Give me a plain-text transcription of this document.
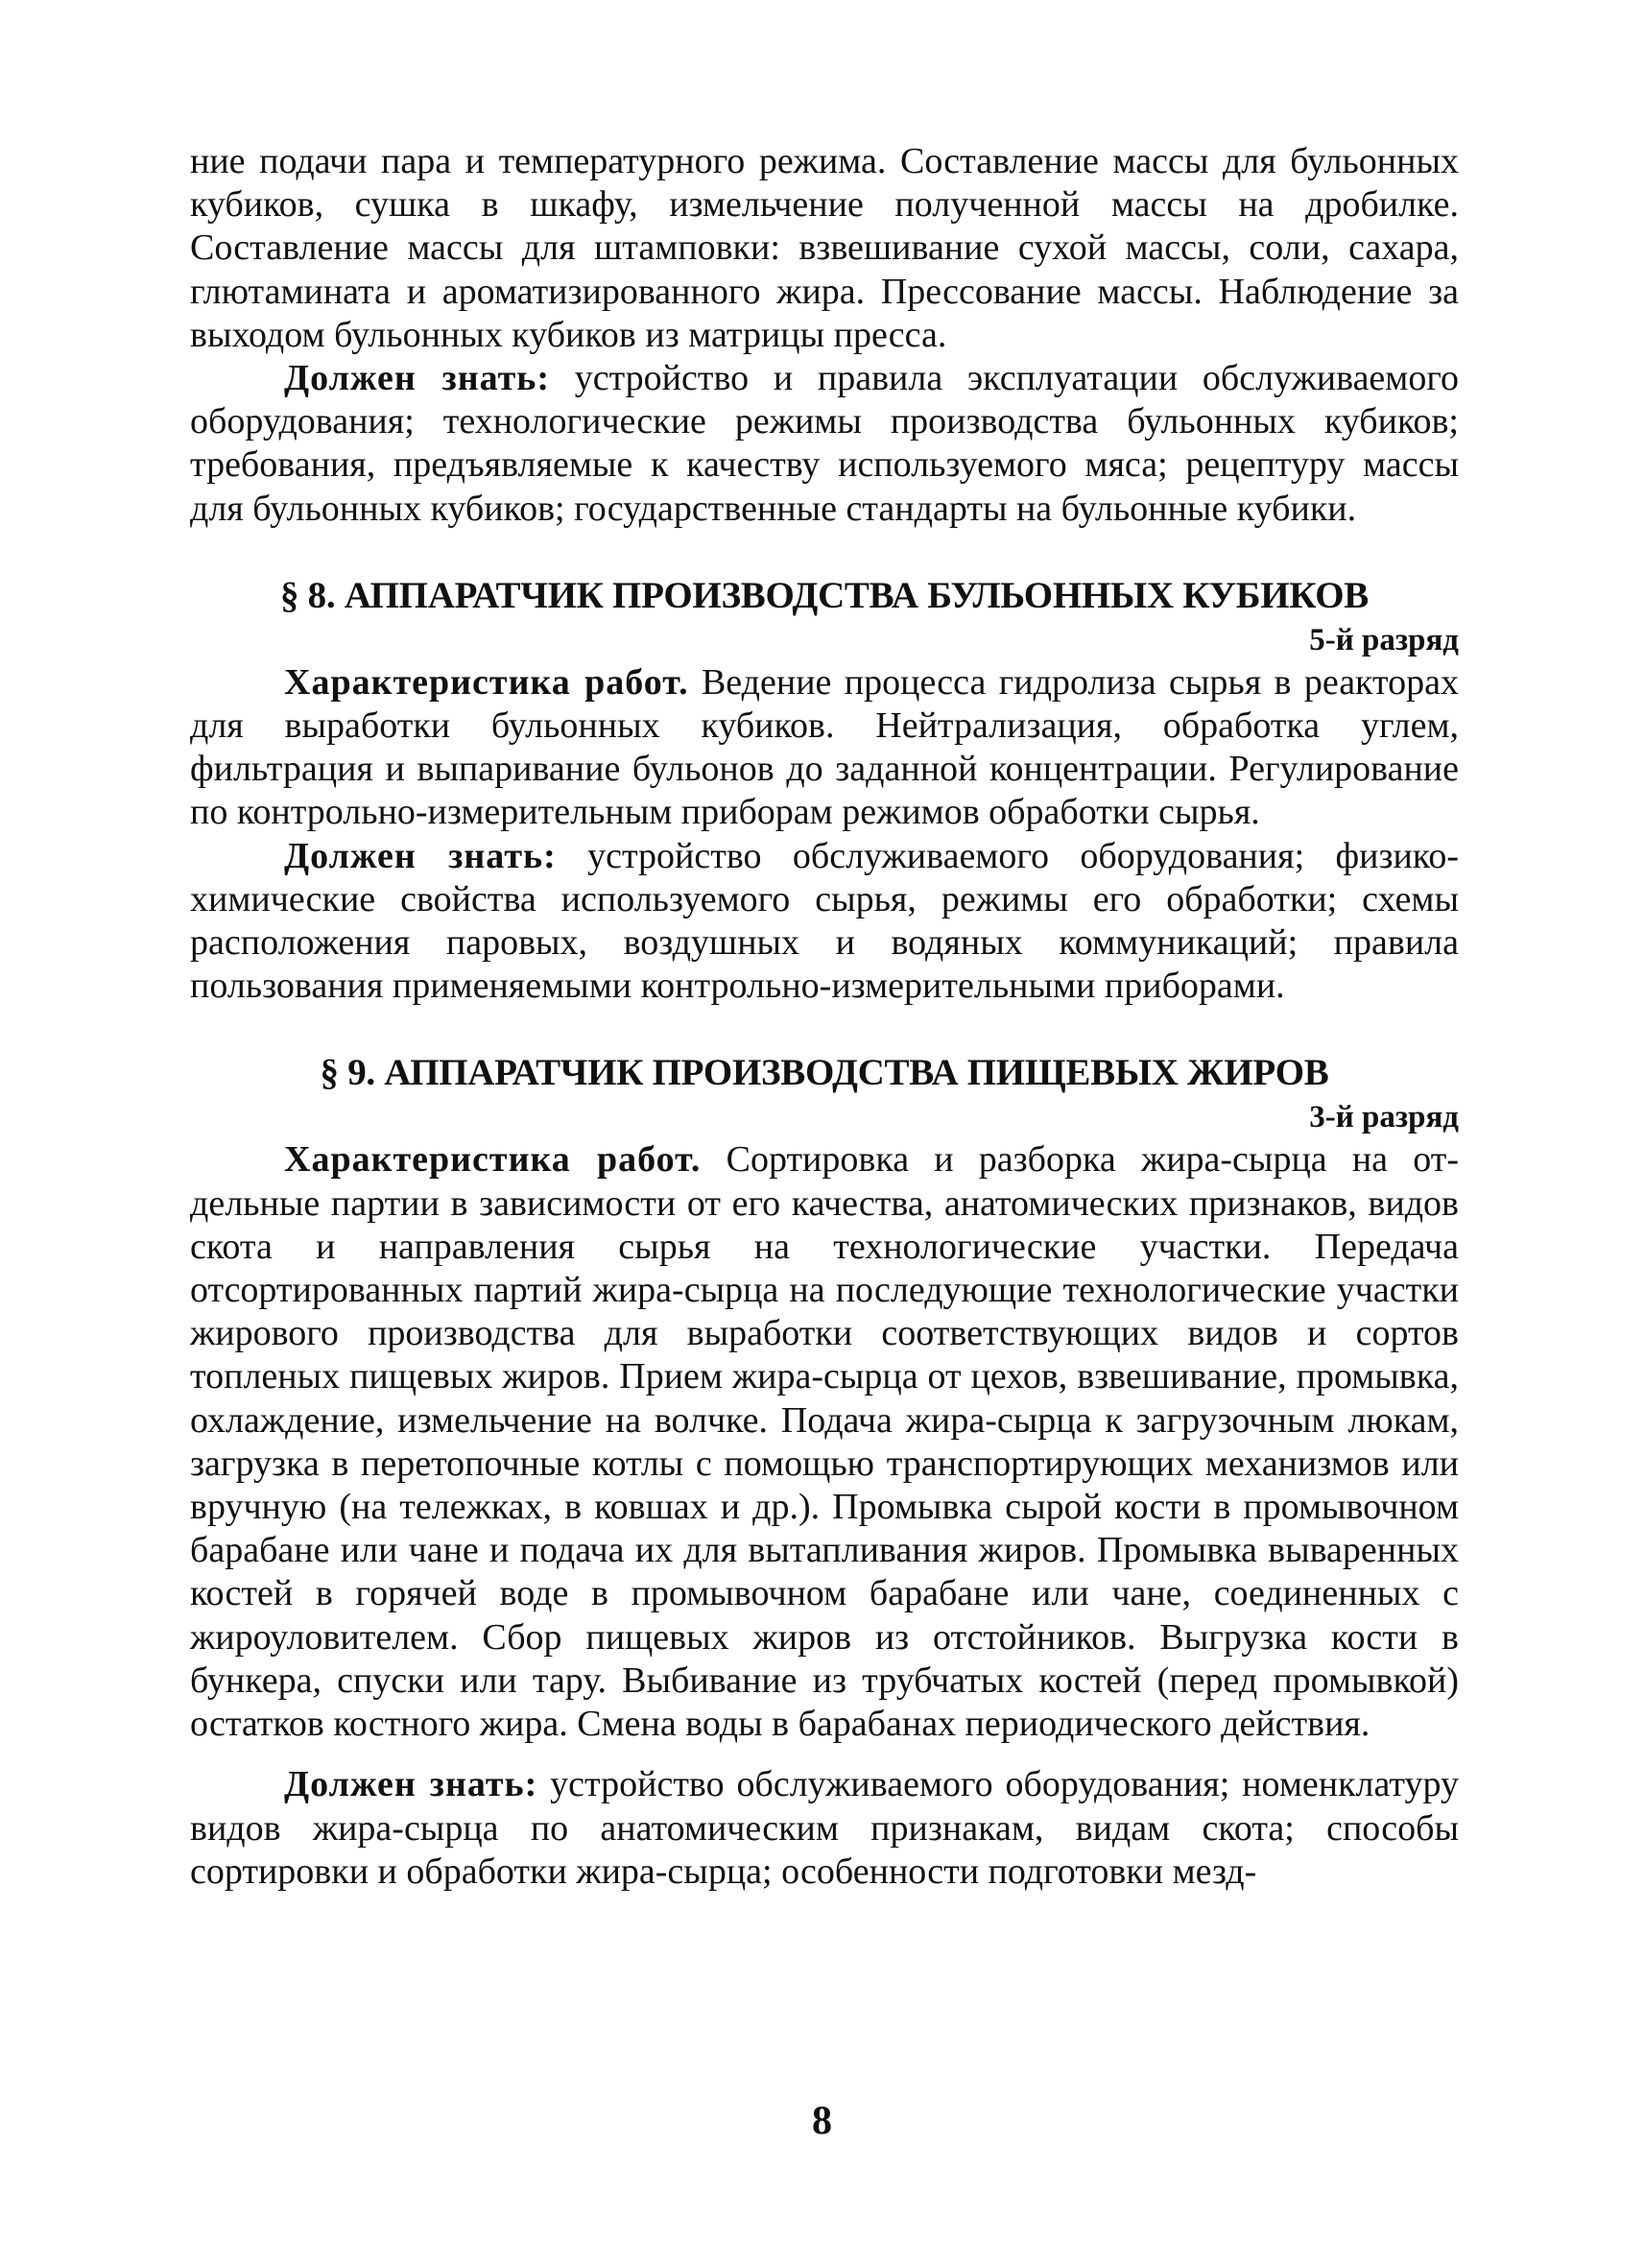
ние подачи пара и температурного режима. Составление массы для бульонных кубиков, сушка в шкафу, измельчение полученной массы на дробилке. Составление массы для штамповки: взвешивание сухой массы, соли, сахара, глютамината и ароматизированного жира. Прессование массы. Наблюдение за выходом бульонных кубиков из матрицы пресса.

Должен знать: устройство и правила эксплуатации обслуживаемого оборудования; технологические режимы производства бульонных кубиков; требования, предъявляемые к качеству используемого мяса; рецептуру массы для бульонных кубиков; государственные стандарты на бульонные кубики.

§ 8. АППАРАТЧИК ПРОИЗВОДСТВА БУЛЬОННЫХ КУБИКОВ
5-й разряд

Характеристика работ. Ведение процесса гидролиза сырья в реакторах для выработки бульонных кубиков. Нейтрализация, обработка углем, фильтрация и выпаривание бульонов до заданной концентрации. Регулирование по контрольно-измерительным приборам режимов обработки сырья.

Должен знать: устройство обслуживаемого оборудования; физико-химические свойства используемого сырья, режимы его обработки; схемы расположения паровых, воздушных и водяных коммуникаций; правила пользования применяемыми контрольно-измерительными приборами.

§ 9. АППАРАТЧИК ПРОИЗВОДСТВА ПИЩЕВЫХ ЖИРОВ
3-й разряд

Характеристика работ. Сортировка и разборка жира-сырца на отдельные партии в зависимости от его качества, анатомических признаков, видов скота и направления сырья на технологические участки. Передача отсортированных партий жира-сырца на последующие технологические участки жирового производства для выработки соответствующих видов и сортов топленых пищевых жиров. Прием жира-сырца от цехов, взвешивание, промывка, охлаждение, измельчение на волчке. Подача жира-сырца к загрузочным люкам, загрузка в перетопочные котлы с помощью транспортирующих механизмов или вручную (на тележках, в ковшах и др.). Промывка сырой кости в промывочном барабане или чане и подача их для вытапливания жиров. Промывка вываренных костей в горячей воде в промывочном барабане или чане, соединенных с жироуловителем. Сбор пищевых жиров из отстойников. Выгрузка кости в бункера, спуски или тару. Выбивание из трубчатых костей (перед промывкой) остатков костного жира. Смена воды в барабанах периодического действия.

Должен знать: устройство обслуживаемого оборудования; номенклатуру видов жира-сырца по анатомическим признакам, видам скота; способы сортировки и обработки жира-сырца; особенности подготовки мезд-

8
